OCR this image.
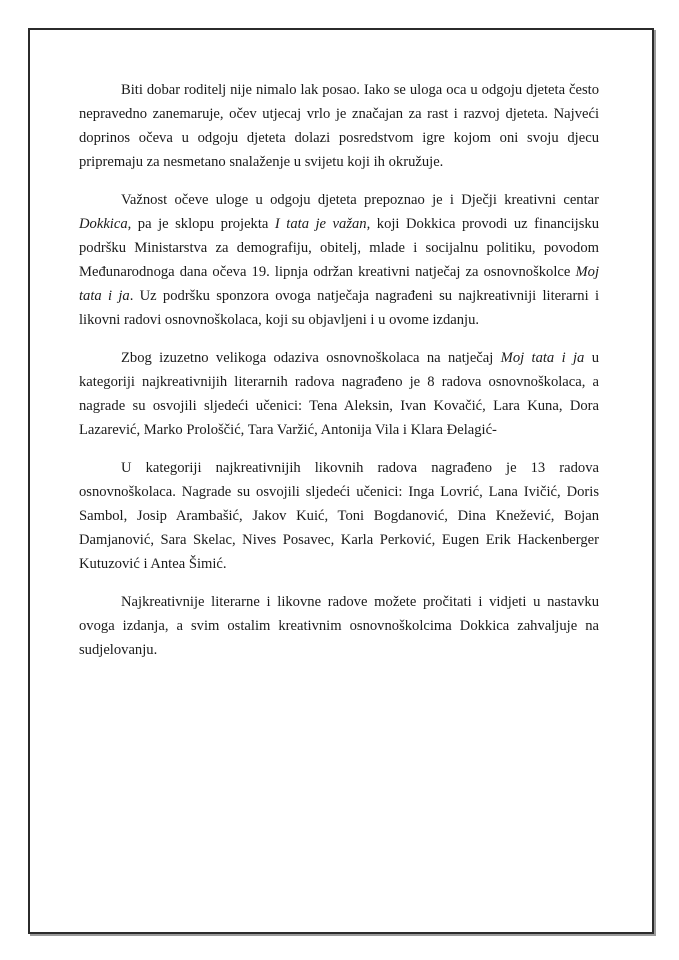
Biti dobar roditelj nije nimalo lak posao. Iako se uloga oca u odgoju djeteta često nepravedno zanemaruje, očev utjecaj vrlo je značajan za rast i razvoj djeteta. Najveći doprinos očeva u odgoju djeteta dolazi posredstvom igre kojom oni svoju djecu pripremaju za nesmetano snalaženje u svijetu koji ih okružuje.

Važnost očeve uloge u odgoju djeteta prepoznao je i Dječji kreativni centar Dokkica, pa je sklopu projekta I tata je važan, koji Dokkica provodi uz financijsku podršku Ministarstva za demografiju, obitelj, mlade i socijalnu politiku, povodom Međunarodnoga dana očeva 19. lipnja održan kreativni natječaj za osnovnoškolce Moj tata i ja. Uz podršku sponzora ovoga natječaja nagrađeni su najkreativniji literarni i likovni radovi osnovnoškolaca, koji su objavljeni i u ovome izdanju.

Zbog izuzetno velikoga odaziva osnovnoškolaca na natječaj Moj tata i ja u kategoriji najkreativnijih literarnih radova nagrađeno je 8 radova osnovnoškolaca, a nagrade su osvojili sljedeći učenici: Tena Aleksin, Ivan Kovačić, Lara Kuna, Dora Lazarević, Marko Prološčić, Tara Varžić, Antonija Vila i Klara Đelagić-

U kategoriji najkreativnijih likovnih radova nagrađeno je 13 radova osnovnoškolaca. Nagrade su osvojili sljedeći učenici: Inga Lovrić, Lana Ivičić, Doris Sambol, Josip Arambašić, Jakov Kuić, Toni Bogdanović, Dina Knežević, Bojan Damjanović, Sara Skelac, Nives Posavec, Karla Perković, Eugen Erik Hackenberger Kutuzović i Antea Šimić.

Najkreativnije literarne i likovne radove možete pročitati i vidjeti u nastavku ovoga izdanja, a svim ostalim kreativnim osnovnoškolcima Dokkica zahvaljuje na sudjelovanju.
